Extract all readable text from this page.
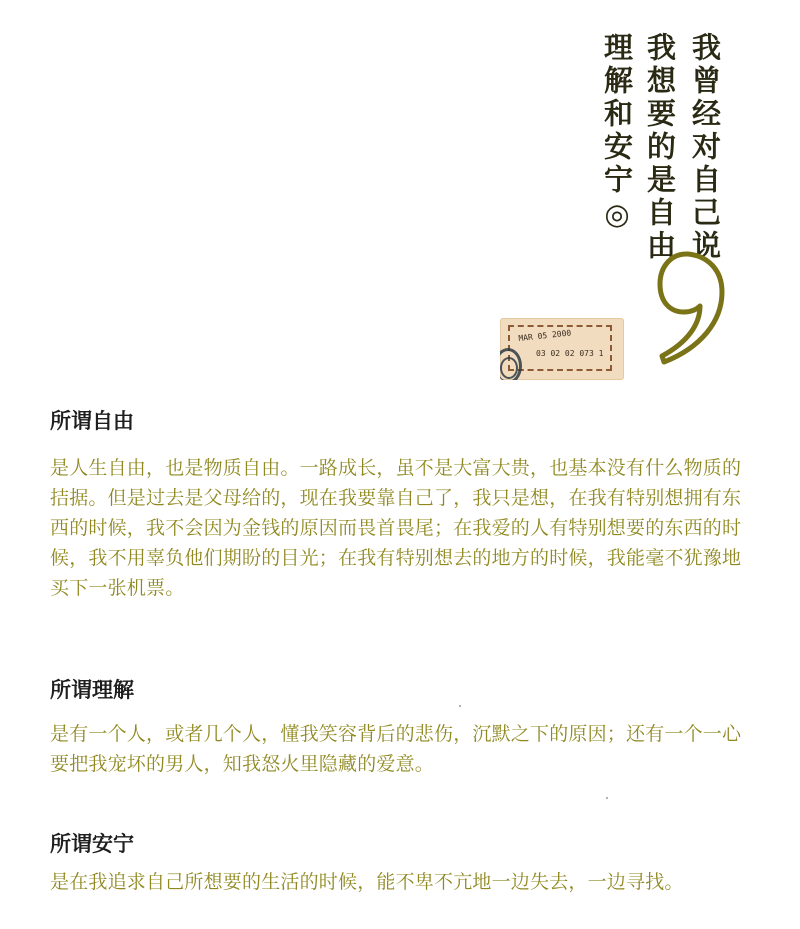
我曾经对自己说
我想要的是自由
理解和安宁◎
MAR 05 2000
03 02 02 073 1
所谓自由

是人生自由，也是物质自由。一路成长，虽不是大富大贵，也基本没有什么物质的拮据。但是过去是父母给的，现在我要靠自己了，我只是想，在我有特别想拥有东西的时候，我不会因为金钱的原因而畏首畏尾；在我爱的人有特别想要的东西的时候，我不用辜负他们期盼的目光；在我有特别想去的地方的时候，我能毫不犹豫地买下一张机票。

所谓理解

是有一个人，或者几个人，懂我笑容背后的悲伤，沉默之下的原因；还有一个一心要把我宠坏的男人，知我怒火里隐藏的爱意。

所谓安宁

是在我追求自己所想要的生活的时候，能不卑不亢地一边失去，一边寻找。
